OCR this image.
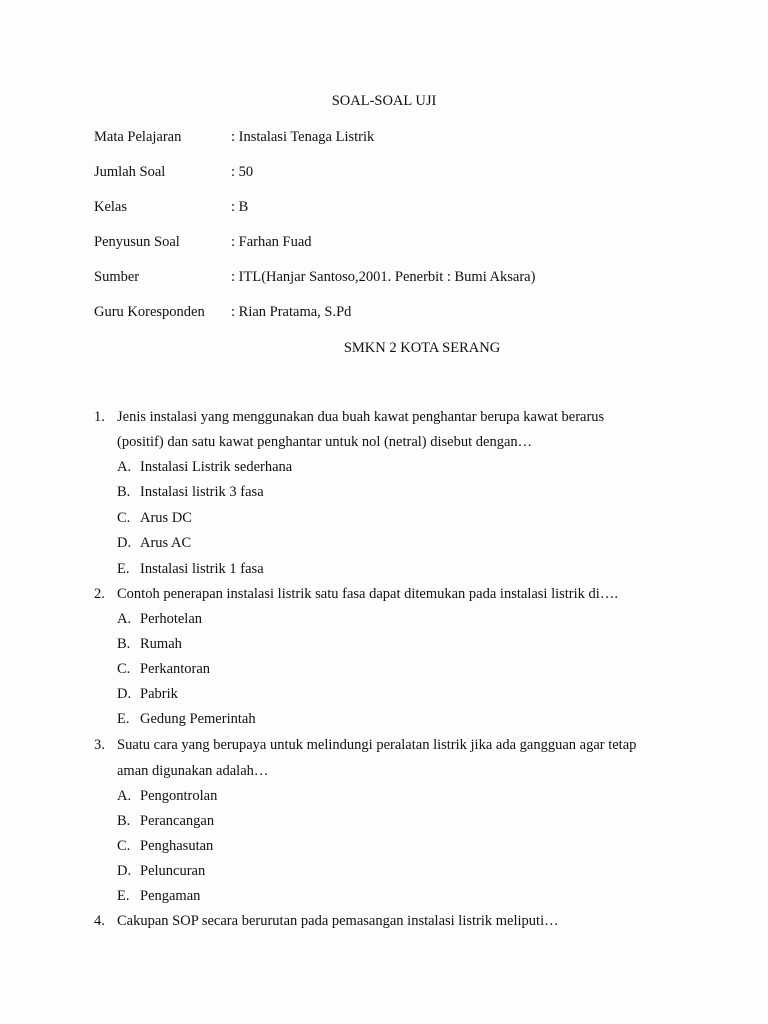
SOAL-SOAL UJI
Mata Pelajaran	: Instalasi Tenaga Listrik
Jumlah Soal	: 50
Kelas	: B
Penyusun Soal	: Farhan Fuad
Sumber	: ITL(Hanjar Santoso,2001. Penerbit : Bumi Aksara)
Guru Koresponden : Rian Pratama, S.Pd
SMKN 2 KOTA SERANG
1. Jenis instalasi yang menggunakan dua buah kawat penghantar berupa kawat berarus
(positif) dan satu kawat penghantar untuk nol (netral) disebut dengan…
A. Instalasi Listrik sederhana
B. Instalasi listrik 3 fasa
C. Arus DC
D. Arus AC
E. Instalasi listrik 1 fasa
2. Contoh penerapan instalasi listrik satu fasa dapat ditemukan pada instalasi listrik di….
A. Perhotelan
B. Rumah
C. Perkantoran
D. Pabrik
E. Gedung Pemerintah
3. Suatu cara yang berupaya untuk melindungi peralatan listrik jika ada gangguan agar tetap
aman digunakan adalah…
A. Pengontrolan
B. Perancangan
C. Penghasutan
D. Peluncuran
E. Pengaman
4. Cakupan SOP secara berurutan pada pemasangan instalasi listrik meliputi…
